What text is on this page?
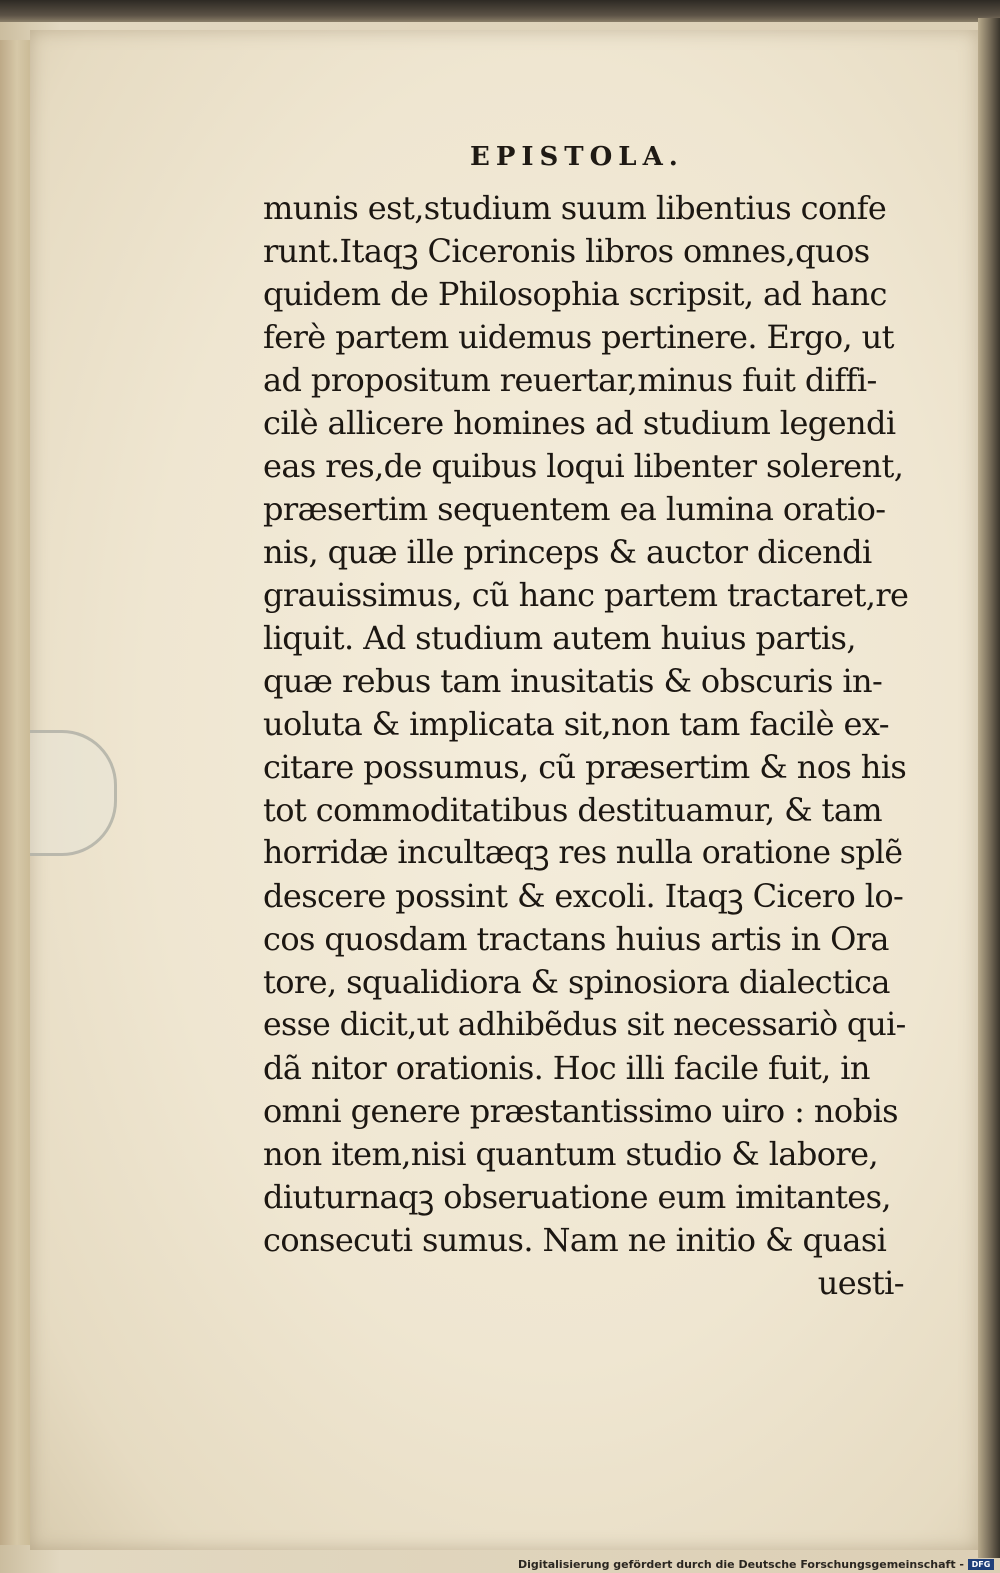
EPISTOLA.
munis est,studium suum libentius confe
runt.Itaqꝫ Ciceronis libros omnes,quos
quidem de Philosophia scripsit, ad hanc
ferè partem uidemus pertinere. Ergo, ut
ad propositum reuertar,minus fuit diffi-
cilè allicere homines ad studium legendi
eas res,de quibus loqui libenter solerent,
præsertim sequentem ea lumina oratio-
nis, quæ ille princeps & auctor dicendi
grauissimus, cũ hanc partem tractaret,re
liquit. Ad studium autem huius partis,
quæ rebus tam inusitatis & obscuris in-
uoluta & implicata sit,non tam facilè ex-
citare possumus, cũ præsertim & nos his
tot commoditatibus destituamur, & tam
horridæ incultæqꝫ res nulla oratione splẽ
descere possint & excoli. Itaqꝫ Cicero lo-
cos quosdam tractans huius artis in Ora
tore, squalidiora & spinosiora dialectica
esse dicit,ut adhibẽdus sit necessariò qui-
dã nitor orationis. Hoc illi facile fuit, in
omni genere præstantissimo uiro : nobis
non item,nisi quantum studio & labore,
diuturnaqꝫ obseruatione eum imitantes,
consecuti sumus. Nam ne initio & quasi
uesti-
Digitalisierung gefördert durch die Deutsche Forschungsgemeinschaft - DFG
